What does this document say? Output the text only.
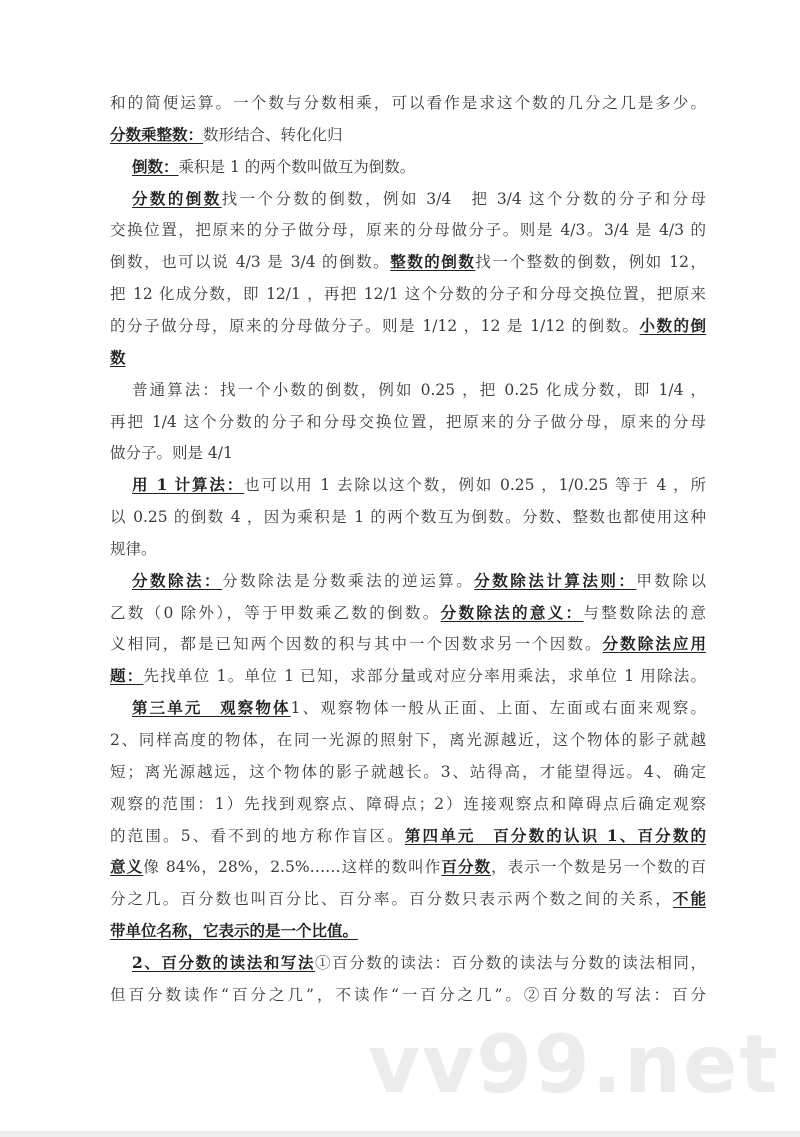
vv99.net
和的简便运算。一个数与分数相乘，可以看作是求这个数的几分之几是多少。
分数乘整数：数形结合、转化化归
倒数：乘积是 1 的两个数叫做互为倒数。
分数的倒数找一个分数的倒数，例如 3/4　把 3/4 这个分数的分子和分母
交换位置，把原来的分子做分母，原来的分母做分子。则是 4/3。3/4 是 4/3 的
倒数，也可以说 4/3 是 3/4 的倒数。整数的倒数找一个整数的倒数，例如 12，
把 12 化成分数，即 12/1 ，再把 12/1 这个分数的分子和分母交换位置，把原来
的分子做分母，原来的分母做分子。则是 1/12 ，12 是 1/12 的倒数。小数的倒
数
普通算法：找一个小数的倒数，例如 0.25 ，把 0.25 化成分数，即 1/4 ，
再把 1/4 这个分数的分子和分母交换位置，把原来的分子做分母，原来的分母
做分子。则是 4/1
用 1 计算法：也可以用 1 去除以这个数，例如 0.25 ，1/0.25 等于 4 ，所
以 0.25 的倒数 4 ，因为乘积是 1 的两个数互为倒数。分数、整数也都使用这种
规律。
分数除法：分数除法是分数乘法的逆运算。分数除法计算法则：甲数除以
乙数（0 除外），等于甲数乘乙数的倒数。分数除法的意义：与整数除法的意
义相同，都是已知两个因数的积与其中一个因数求另一个因数。分数除法应用
题：先找单位 1。单位 1 已知，求部分量或对应分率用乘法，求单位 1 用除法。
第三单元　观察物体1、观察物体一般从正面、上面、左面或右面来观察。
2、同样高度的物体，在同一光源的照射下，离光源越近，这个物体的影子就越
短；离光源越远，这个物体的影子就越长。3、站得高，才能望得远。4、确定
观察的范围：1）先找到观察点、障碍点；2）连接观察点和障碍点后确定观察
的范围。5、看不到的地方称作盲区。第四单元　百分数的认识 1、百分数的
意义像 84%，28%，2.5%……这样的数叫作百分数，表示一个数是另一个数的百
分之几。百分数也叫百分比、百分率。百分数只表示两个数之间的关系，不能
带单位名称，它表示的是一个比值。
2、百分数的读法和写法①百分数的读法：百分数的读法与分数的读法相同，
但百分数读作“百分之几”，不读作“一百分之几”。②百分数的写法：百分
